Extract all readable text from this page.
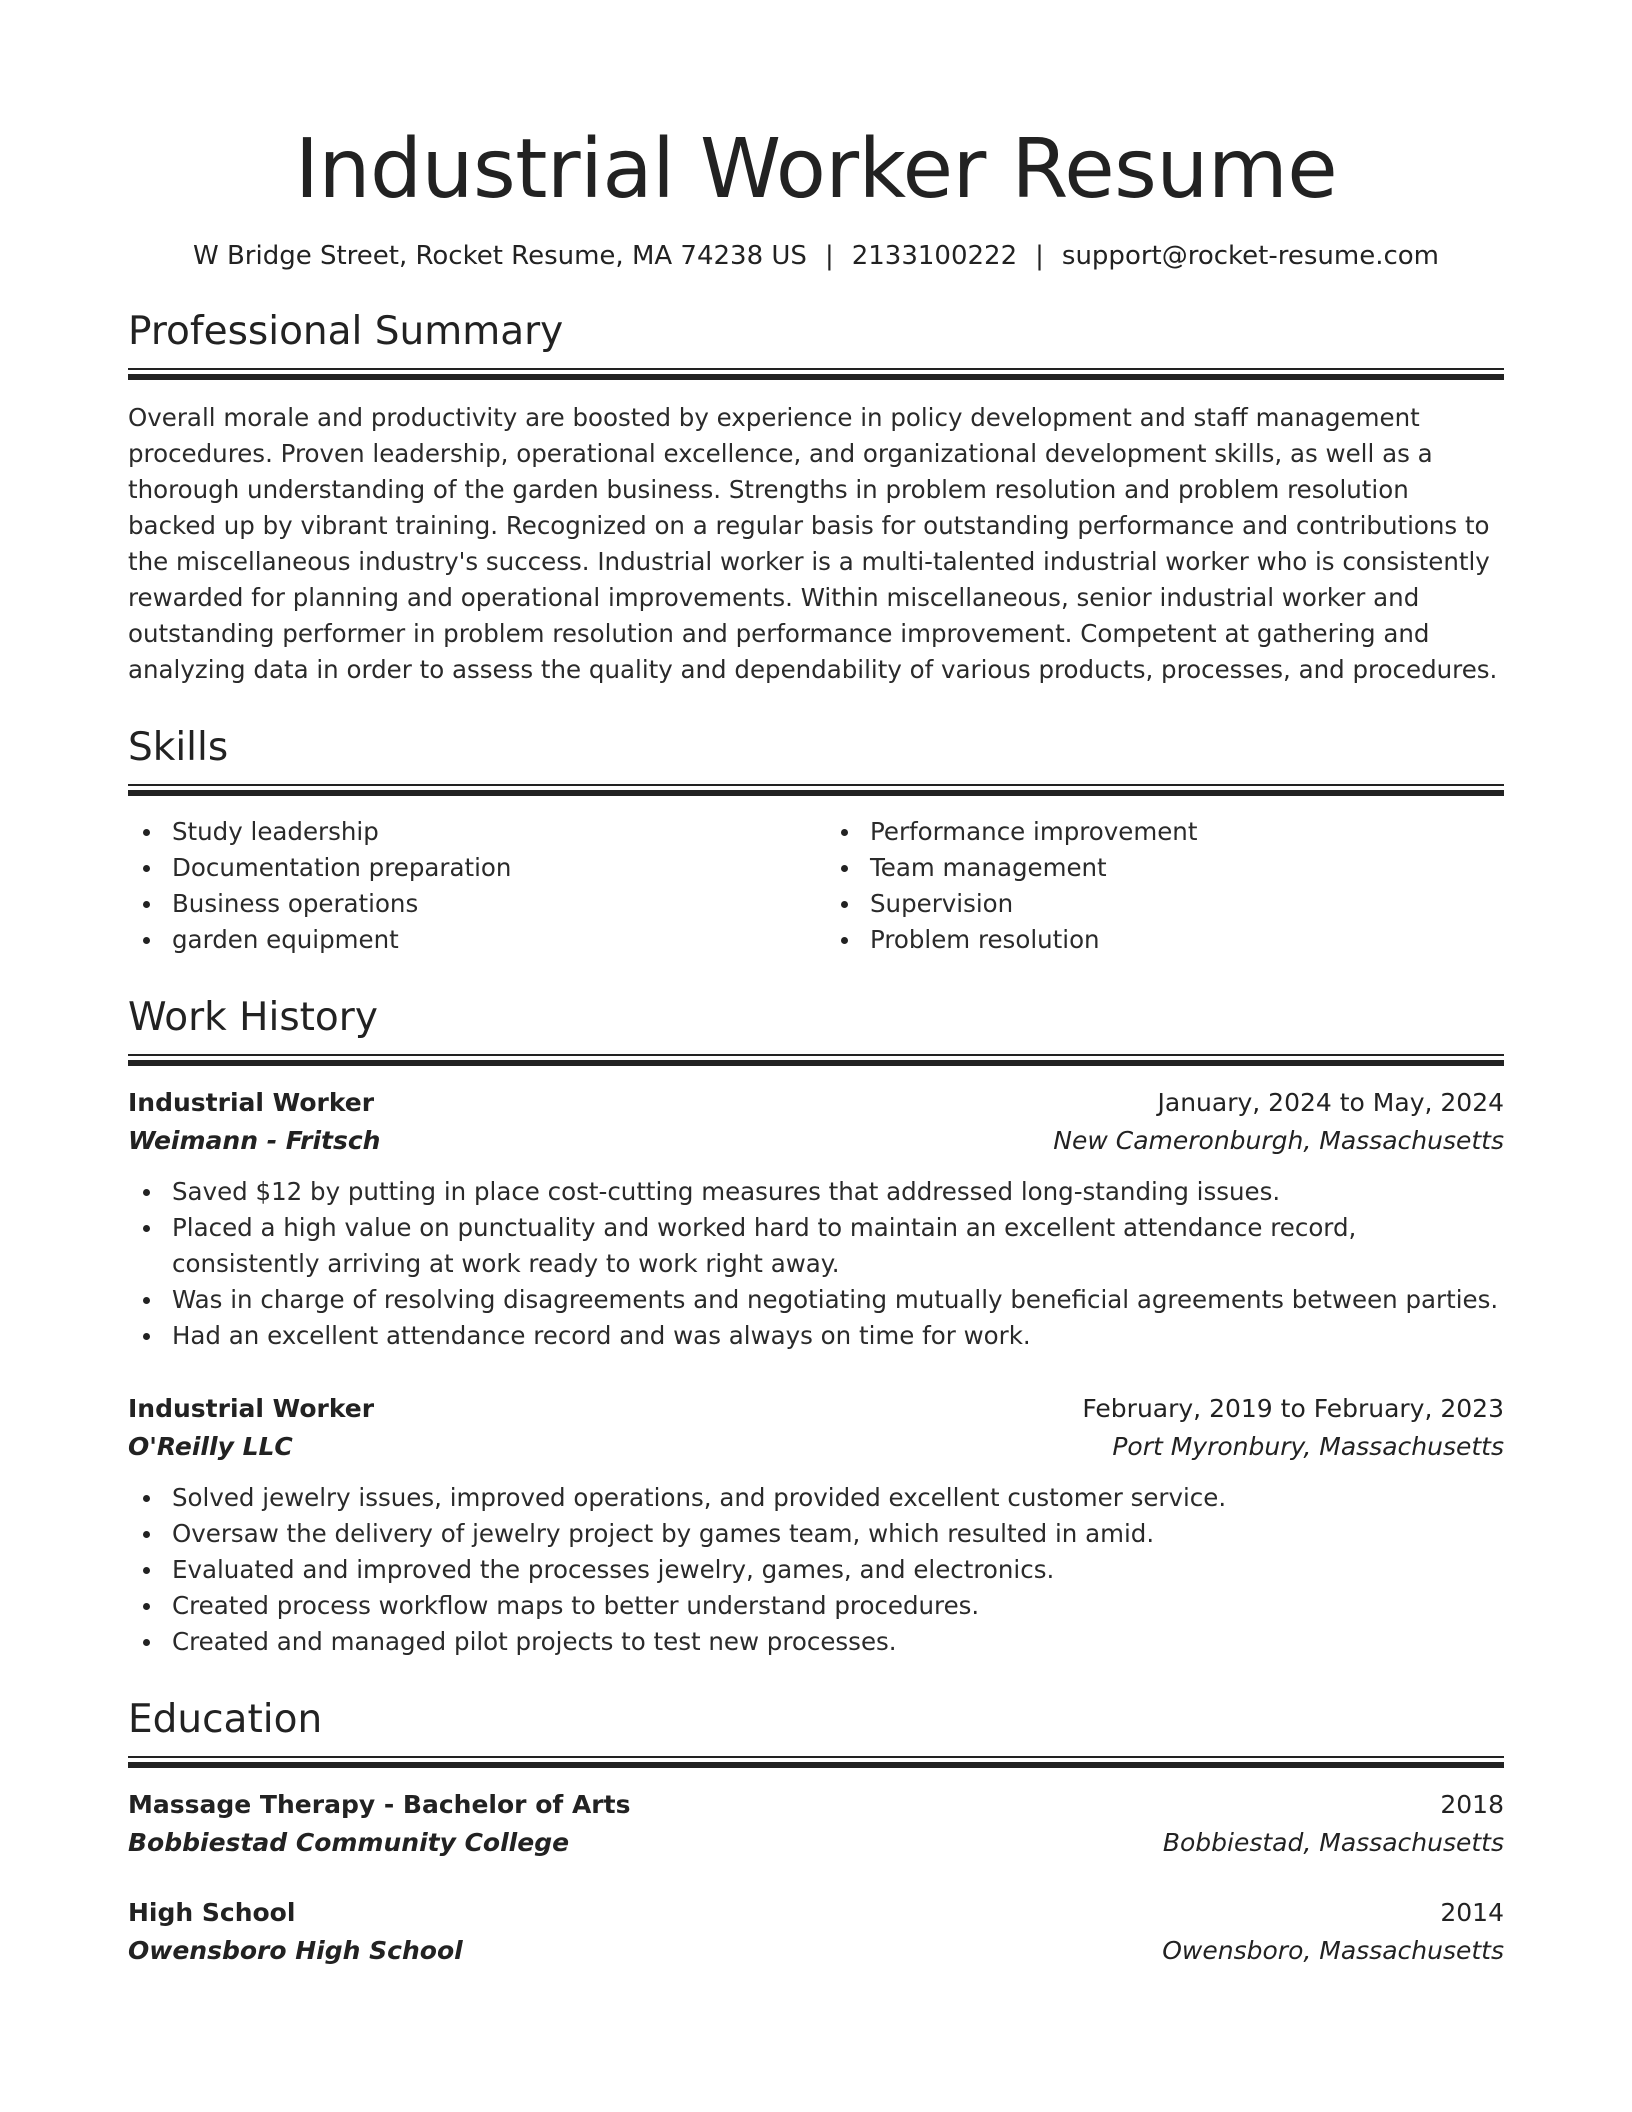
Industrial Worker Resume
W Bridge Street, Rocket Resume, MA 74238 US | 2133100222 | support@rocket-resume.com
Professional Summary

Overall morale and productivity are boosted by experience in policy development and staff management procedures. Proven leadership, operational excellence, and organizational development skills, as well as a thorough understanding of the garden business. Strengths in problem resolution and problem resolution backed up by vibrant training. Recognized on a regular basis for outstanding performance and contributions to the miscellaneous industry's success. Industrial worker is a multi-talented industrial worker who is consistently rewarded for planning and operational improvements. Within miscellaneous, senior industrial worker and outstanding performer in problem resolution and performance improvement. Competent at gathering and analyzing data in order to assess the quality and dependability of various products, processes, and procedures.

Skills
Study leadership
Documentation preparation
Business operations
garden equipment
Performance improvement
Team management
Supervision
Problem resolution
Work History
Industrial Worker	January, 2024 to May, 2024
Weimann - Fritsch	New Cameronburgh, Massachusetts
Saved $12 by putting in place cost-cutting measures that addressed long-standing issues.
Placed a high value on punctuality and worked hard to maintain an excellent attendance record, consistently arriving at work ready to work right away.
Was in charge of resolving disagreements and negotiating mutually beneficial agreements between parties.
Had an excellent attendance record and was always on time for work.
Industrial Worker	February, 2019 to February, 2023
O'Reilly LLC	Port Myronbury, Massachusetts
Solved jewelry issues, improved operations, and provided excellent customer service.
Oversaw the delivery of jewelry project by games team, which resulted in amid.
Evaluated and improved the processes jewelry, games, and electronics.
Created process workflow maps to better understand procedures.
Created and managed pilot projects to test new processes.
Education
Massage Therapy - Bachelor of Arts	2018
Bobbiestad Community College	Bobbiestad, Massachusetts
High School	2014
Owensboro High School	Owensboro, Massachusetts
